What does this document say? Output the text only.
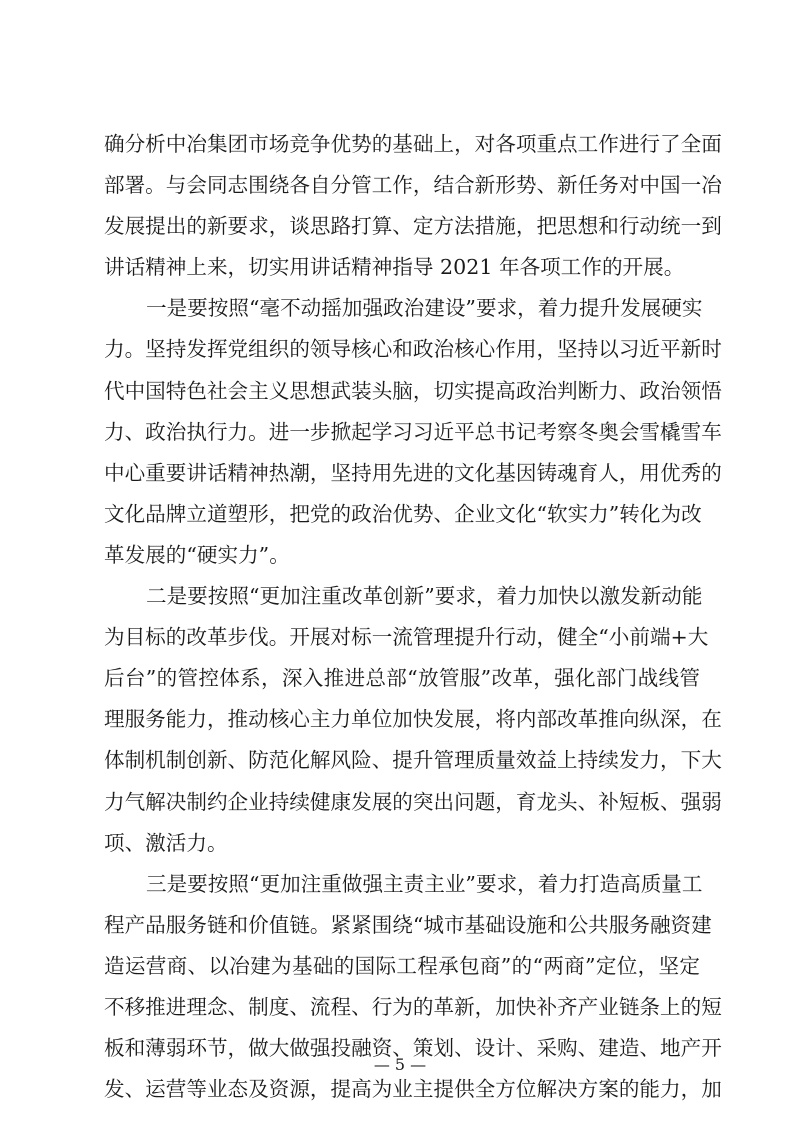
确分析中冶集团市场竞争优势的基础上，对各项重点工作进行了全面
部署。与会同志围绕各自分管工作，结合新形势、新任务对中国一冶
发展提出的新要求，谈思路打算、定方法措施，把思想和行动统一到
讲话精神上来，切实用讲话精神指导 2021 年各项工作的开展。
一是要按照“毫不动摇加强政治建设”要求，着力提升发展硬实
力。坚持发挥党组织的领导核心和政治核心作用，坚持以习近平新时
代中国特色社会主义思想武装头脑，切实提高政治判断力、政治领悟
力、政治执行力。进一步掀起学习习近平总书记考察冬奥会雪橇雪车
中心重要讲话精神热潮，坚持用先进的文化基因铸魂育人，用优秀的
文化品牌立道塑形，把党的政治优势、企业文化“软实力”转化为改
革发展的“硬实力”。
二是要按照“更加注重改革创新”要求，着力加快以激发新动能
为目标的改革步伐。开展对标一流管理提升行动，健全“小前端+大
后台”的管控体系，深入推进总部“放管服”改革，强化部门战线管
理服务能力，推动核心主力单位加快发展，将内部改革推向纵深，在
体制机制创新、防范化解风险、提升管理质量效益上持续发力，下大
力气解决制约企业持续健康发展的突出问题，育龙头、补短板、强弱
项、激活力。
三是要按照“更加注重做强主责主业”要求，着力打造高质量工
程产品服务链和价值链。紧紧围绕“城市基础设施和公共服务融资建
造运营商、以冶建为基础的国际工程承包商”的“两商”定位，坚定
不移推进理念、制度、流程、行为的革新，加快补齐产业链条上的短
板和薄弱环节，做大做强投融资、策划、设计、采购、建造、地产开
发、运营等业态及资源，提高为业主提供全方位解决方案的能力，加
— 5 —
